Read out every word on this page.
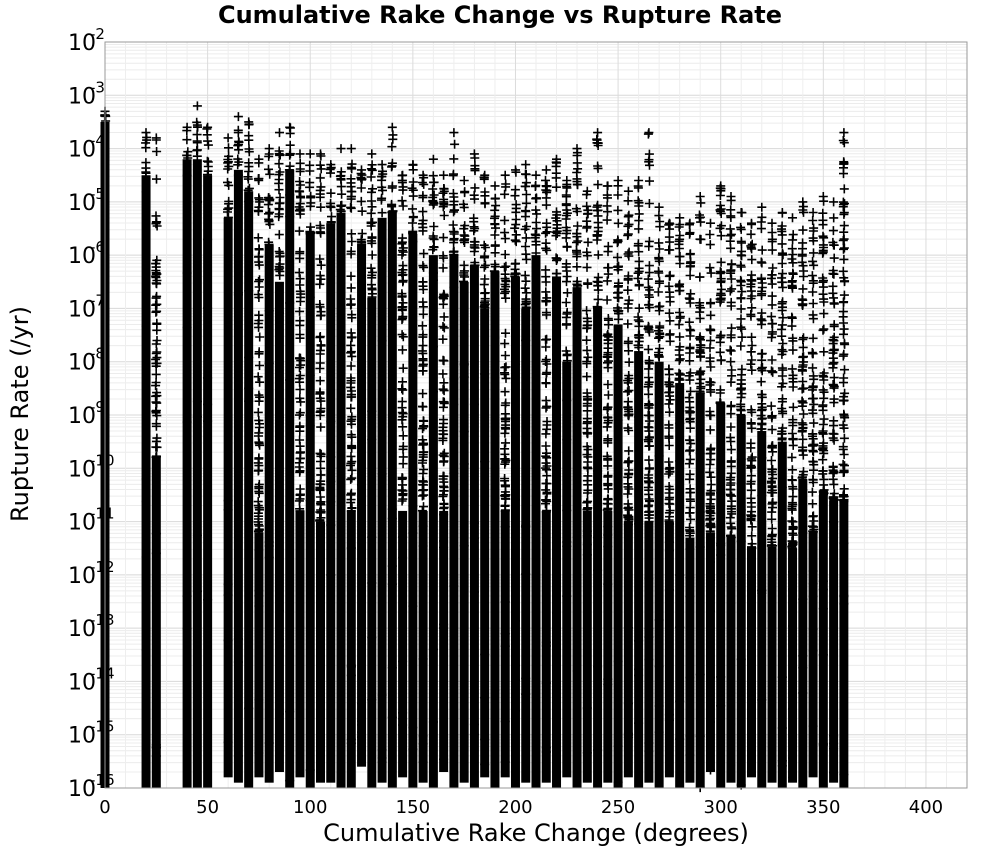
0	50	100	150	200	250	300	350	400
10
-16
10
-15
10
-14
10
-13
10
-12
10
-11
10
-10
10
-9
10
-8
10
-7
10
-6
10
-5
10
-4
10
-3
10
-2
Cumulative Rake Change vs Rupture Rate
Cumulative Rake Change (degrees)
Rupture Rate (/yr)
